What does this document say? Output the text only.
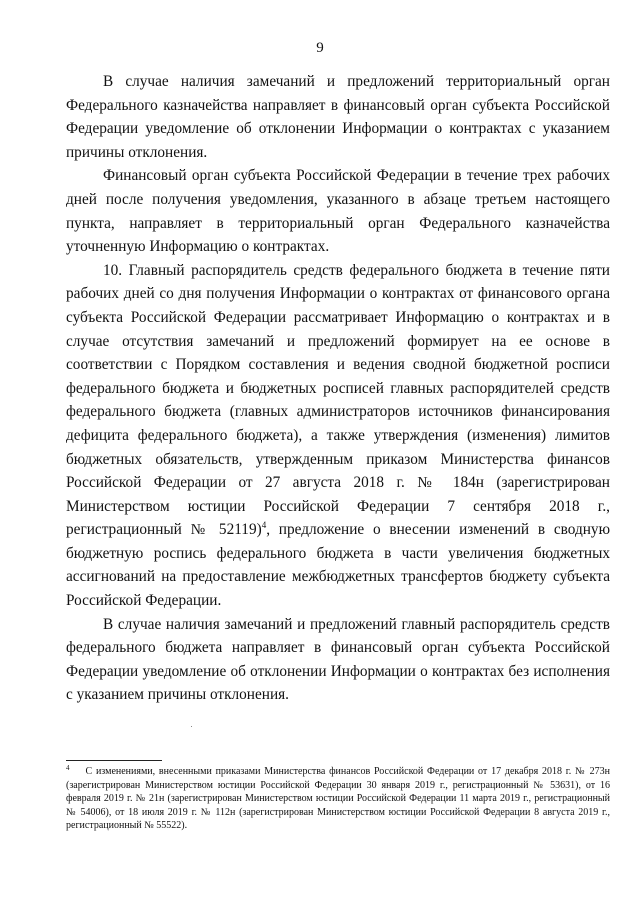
9

В случае наличия замечаний и предложений территориальный орган Федерального казначейства направляет в финансовый орган субъекта Российской Федерации уведомление об отклонении Информации о контрактах с указанием причины отклонения.

Финансовый орган субъекта Российской Федерации в течение трех рабочих дней после получения уведомления, указанного в абзаце третьем настоящего пункта, направляет в территориальный орган Федерального казначейства уточненную Информацию о контрактах.

10. Главный распорядитель средств федерального бюджета в течение пяти рабочих дней со дня получения Информации о контрактах от финансового органа субъекта Российской Федерации рассматривает Информацию о контрактах и в случае отсутствия замечаний и предложений формирует на ее основе в соответствии с Порядком составления и ведения сводной бюджетной росписи федерального бюджета и бюджетных росписей главных распорядителей средств федерального бюджета (главных администраторов источников финансирования дефицита федерального бюджета), а также утверждения (изменения) лимитов бюджетных обязательств, утвержденным приказом Министерства финансов Российской Федерации от 27 августа 2018 г. № 184н (зарегистрирован Министерством юстиции Российской Федерации 7 сентября 2018 г., регистрационный № 52119)$^4$, предложение о внесении изменений в сводную бюджетную роспись федерального бюджета в части увеличения бюджетных ассигнований на предоставление межбюджетных трансфертов бюджету субъекта Российской Федерации.

В случае наличия замечаний и предложений главный распорядитель средств федерального бюджета направляет в финансовый орган субъекта Российской Федерации уведомление об отклонении Информации о контрактах без исполнения с указанием причины отклонения.

$^4$ С изменениями, внесенными приказами Министерства финансов Российской Федерации от 17 декабря 2018 г. № 273н (зарегистрирован Министерством юстиции Российской Федерации 30 января 2019 г., регистрационный № 53631), от 16 февраля 2019 г. № 21н (зарегистрирован Министерством юстиции Российской Федерации 11 марта 2019 г., регистрационный № 54006), от 18 июля 2019 г. № 112н (зарегистрирован Министерством юстиции Российской Федерации 8 августа 2019 г., регистрационный № 55522).
